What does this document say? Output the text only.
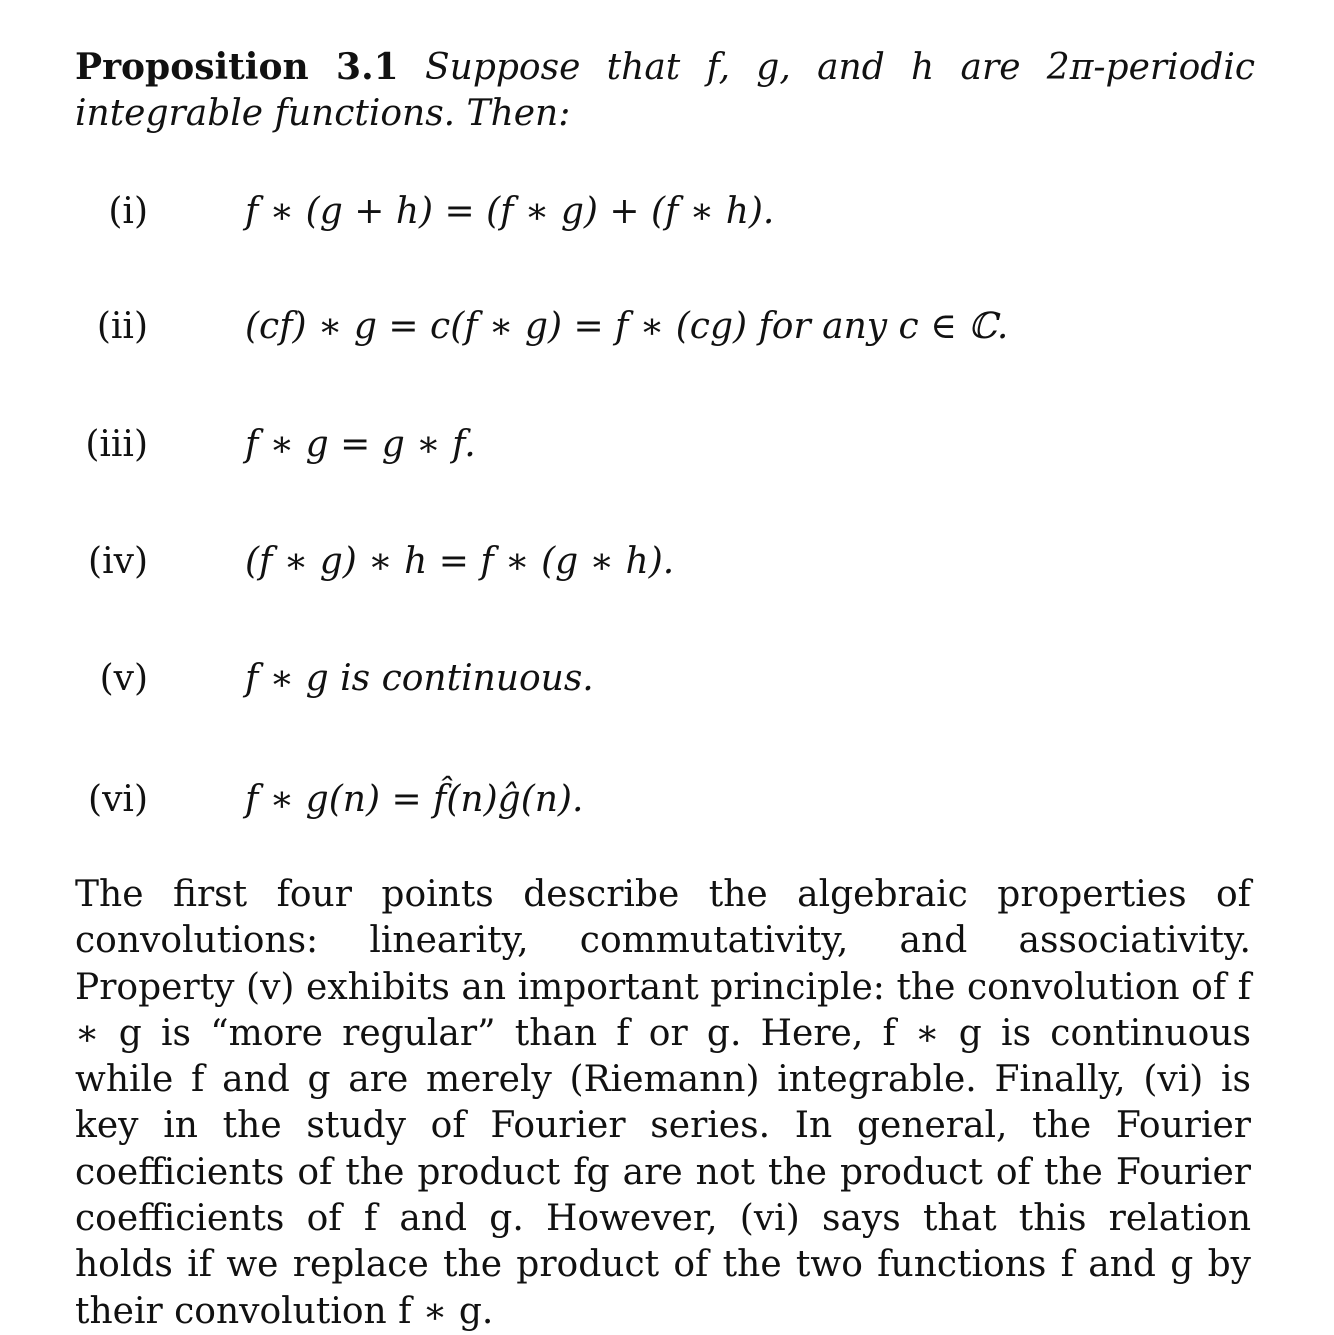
Proposition 3.1 Suppose that f, g, and h are 2π-periodic integrable functions. Then:
(i)	f ∗ (g + h) = (f ∗ g) + (f ∗ h).
(ii)	(cf) ∗ g = c(f ∗ g) = f ∗ (cg) for any c ∈ ℂ.
(iii)	f ∗ g = g ∗ f.
(iv)	(f ∗ g) ∗ h = f ∗ (g ∗ h).
(v)	f ∗ g is continuous.
(vi)	f ∗ g(n) = f̂(n)ĝ(n).
The first four points describe the algebraic properties of convolutions: linearity, commutativity, and associativity. Property (v) exhibits an important principle: the convolution of f ∗ g is “more regular” than f or g. Here, f ∗ g is continuous while f and g are merely (Riemann) integrable. Finally, (vi) is key in the study of Fourier series. In general, the Fourier coefficients of the product fg are not the product of the Fourier coefficients of f and g. However, (vi) says that this relation holds if we replace the product of the two functions f and g by their convolution f ∗ g.
